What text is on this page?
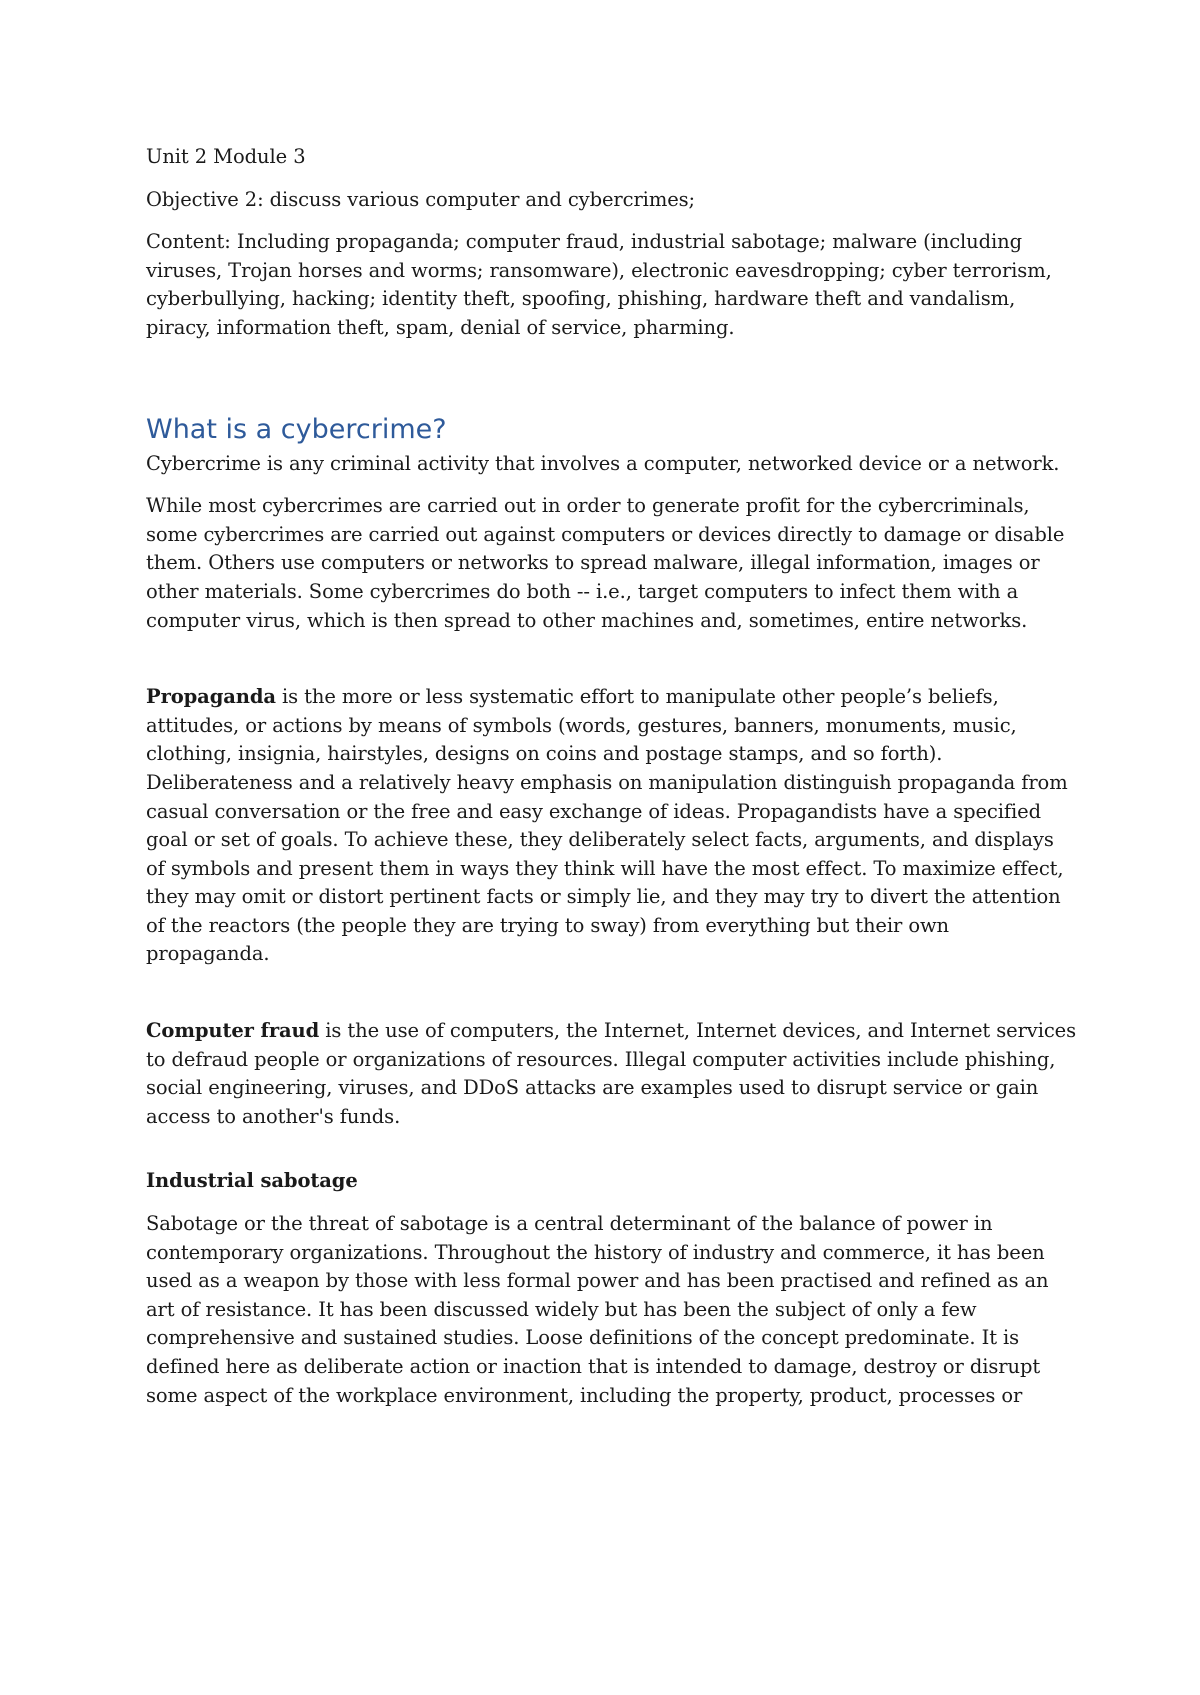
Unit 2 Module 3

Objective 2: discuss various computer and cybercrimes;

Content: Including propaganda; computer fraud, industrial sabotage; malware (including viruses, Trojan horses and worms; ransomware), electronic eavesdropping; cyber terrorism, cyberbullying, hacking; identity theft, spoofing, phishing, hardware theft and vandalism, piracy, information theft, spam, denial of service, pharming.

What is a cybercrime?

Cybercrime is any criminal activity that involves a computer, networked device or a network.

While most cybercrimes are carried out in order to generate profit for the cybercriminals, some cybercrimes are carried out against computers or devices directly to damage or disable them. Others use computers or networks to spread malware, illegal information, images or other materials. Some cybercrimes do both -- i.e., target computers to infect them with a computer virus, which is then spread to other machines and, sometimes, entire networks.

Propaganda is the more or less systematic effort to manipulate other people’s beliefs, attitudes, or actions by means of symbols (words, gestures, banners, monuments, music, clothing, insignia, hairstyles, designs on coins and postage stamps, and so forth). Deliberateness and a relatively heavy emphasis on manipulation distinguish propaganda from casual conversation or the free and easy exchange of ideas. Propagandists have a specified goal or set of goals. To achieve these, they deliberately select facts, arguments, and displays of symbols and present them in ways they think will have the most effect. To maximize effect, they may omit or distort pertinent facts or simply lie, and they may try to divert the attention of the reactors (the people they are trying to sway) from everything but their own propaganda.

Computer fraud is the use of computers, the Internet, Internet devices, and Internet services to defraud people or organizations of resources. Illegal computer activities include phishing, social engineering, viruses, and DDoS attacks are examples used to disrupt service or gain access to another's funds.

Industrial sabotage

Sabotage or the threat of sabotage is a central determinant of the balance of power in contemporary organizations. Throughout the history of industry and commerce, it has been used as a weapon by those with less formal power and has been practised and refined as an art of resistance. It has been discussed widely but has been the subject of only a few comprehensive and sustained studies. Loose definitions of the concept predominate. It is defined here as deliberate action or inaction that is intended to damage, destroy or disrupt some aspect of the workplace environment, including the property, product, processes or
